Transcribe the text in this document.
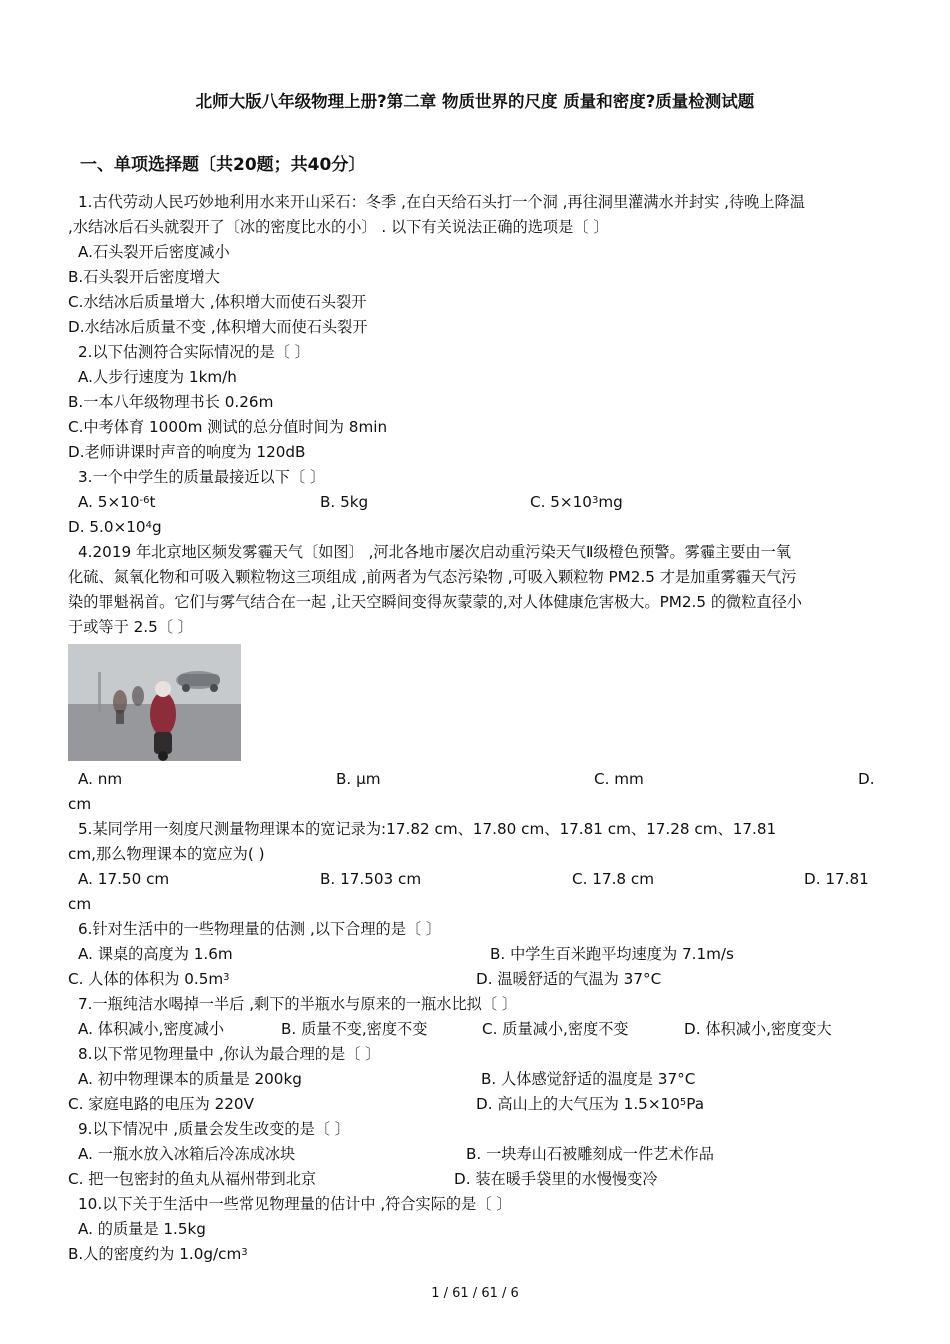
北师大版八年级物理上册?第二章 物质世界的尺度 质量和密度?质量检测试题
一、单项选择题〔共20题；共40分〕
1.古代劳动人民巧妙地利用水来开山采石：冬季 ,在白天给石头打一个洞 ,再往洞里灌满水并封实 ,待晚上降温
,水结冰后石头就裂开了〔冰的密度比水的小〕 . 以下有关说法正确的选项是〔 〕
A.石头裂开后密度减小
B.石头裂开后密度增大
C.水结冰后质量增大 ,体积增大而使石头裂开
D.水结冰后质量不变 ,体积增大而使石头裂开
2.以下估测符合实际情况的是〔 〕
A.人步行速度为 1km/h
B.一本八年级物理书长 0.26m
C.中考体育 1000m 测试的总分值时间为 8min
D.老师讲课时声音的响度为 120dB
3.一个中学生的质量最接近以下〔 〕
A. 5×10-6t	B. 5kg	C. 5×103mg
D. $5.0\times 10^4g$
4.2019 年北京地区频发雾霾天气〔如图〕 ,河北各地市屡次启动重污染天气Ⅱ级橙色预警。雾霾主要由一氧
化硫、氮氧化物和可吸入颗粒物这三项组成 ,前两者为气态污染物 ,可吸入颗粒物 PM2.5 才是加重雾霾天气污
染的罪魁祸首。它们与雾气结合在一起 ,让天空瞬间变得灰蒙蒙的,对人体健康危害极大。PM2.5 的微粒直径小
于或等于 2.5〔 〕
A. nm	B. μm	C. mm	D.
cm
5.某同学用一刻度尺测量物理课本的宽记录为:17.82 cm、17.80 cm、17.81 cm、17.28 cm、17.81
cm,那么物理课本的宽应为( )
A. 17.50 cm	B. 17.503 cm	C. 17.8 cm	D. 17.81
cm
6.针对生活中的一些物理量的估测 ,以下合理的是〔 〕
A. 课桌的高度为 1.6m	B. 中学生百米跑平均速度为 7.1m/s
C. 人体的体积为 0.5m3	D. 温暖舒适的气温为 37°C
7.一瓶纯洁水喝掉一半后 ,剩下的半瓶水与原来的一瓶水比拟〔 〕
A. 体积减小,密度减小	B. 质量不变,密度不变	C. 质量减小,密度不变	D. 体积减小,密度变大
8.以下常见物理量中 ,你认为最合理的是〔 〕
A. 初中物理课本的质量是 200kg	B. 人体感觉舒适的温度是 37°C
C. 家庭电路的电压为 220V	D. 高山上的大气压为 1.5×105Pa
9.以下情况中 ,质量会发生改变的是〔 〕
A. 一瓶水放入冰箱后冷冻成冰块	B. 一块寿山石被雕刻成一件艺术作品
C. 把一包密封的鱼丸从福州带到北京	D. 装在暖手袋里的水慢慢变冷
10.以下关于生活中一些常见物理量的估计中 ,符合实际的是〔 〕
A. 的质量是 1.5kg
B.人的密度约为 $1.0g/cm^3$
1 / 61 / 61 / 6
